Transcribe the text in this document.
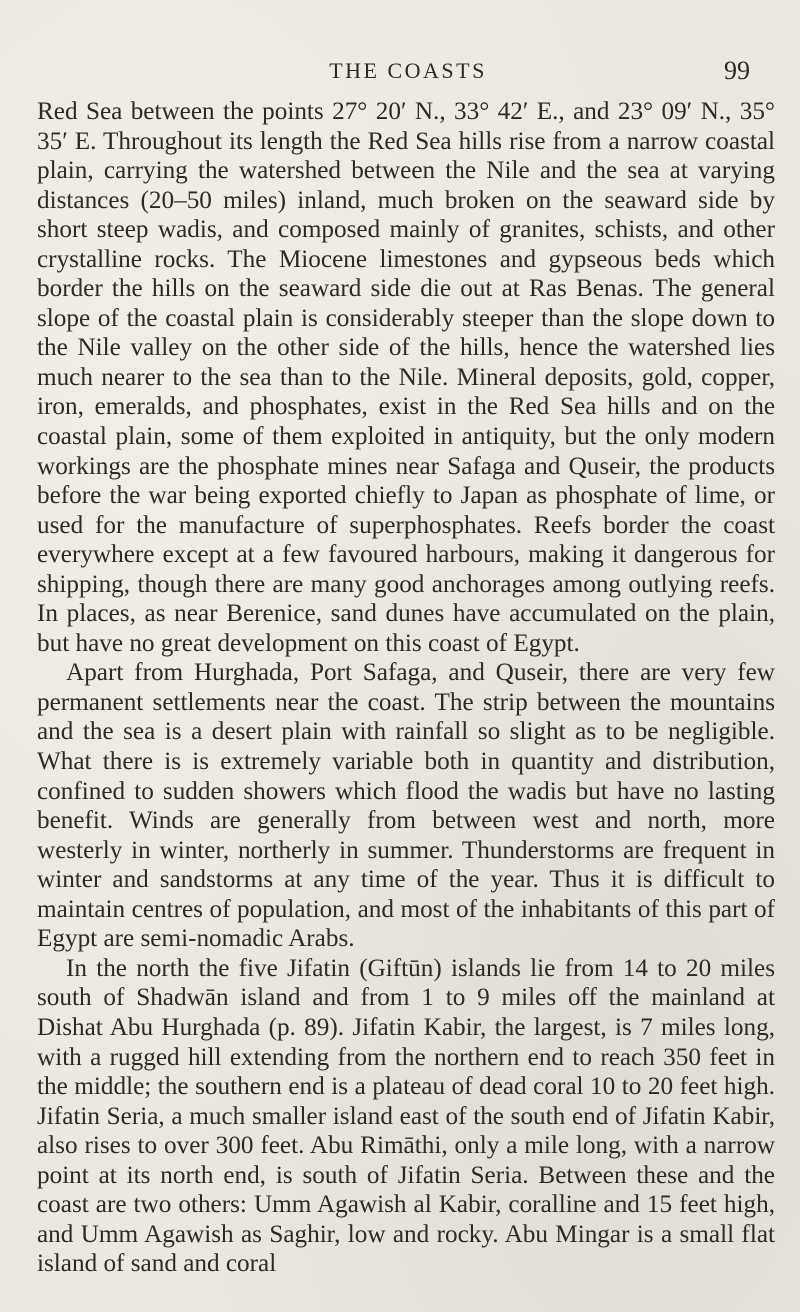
THE COASTS	99

Red Sea between the points 27° 20′ N., 33° 42′ E., and 23° 09′ N., 35° 35′ E. Throughout its length the Red Sea hills rise from a narrow coastal plain, carrying the watershed between the Nile and the sea at varying distances (20–50 miles) inland, much broken on the seaward side by short steep wadis, and composed mainly of granites, schists, and other crystalline rocks. The Miocene limestones and gypseous beds which border the hills on the seaward side die out at Ras Benas. The general slope of the coastal plain is considerably steeper than the slope down to the Nile valley on the other side of the hills, hence the watershed lies much nearer to the sea than to the Nile. Mineral deposits, gold, copper, iron, emeralds, and phosphates, exist in the Red Sea hills and on the coastal plain, some of them exploited in antiquity, but the only modern workings are the phosphate mines near Safaga and Quseir, the products before the war being exported chiefly to Japan as phosphate of lime, or used for the manufacture of superphosphates. Reefs border the coast everywhere except at a few favoured harbours, making it dangerous for shipping, though there are many good anchorages among outlying reefs. In places, as near Berenice, sand dunes have accumulated on the plain, but have no great development on this coast of Egypt.

Apart from Hurghada, Port Safaga, and Quseir, there are very few permanent settlements near the coast. The strip between the mountains and the sea is a desert plain with rainfall so slight as to be negligible. What there is is extremely variable both in quantity and distribution, confined to sudden showers which flood the wadis but have no lasting benefit. Winds are generally from between west and north, more westerly in winter, northerly in summer. Thunderstorms are frequent in winter and sandstorms at any time of the year. Thus it is difficult to maintain centres of population, and most of the inhabitants of this part of Egypt are semi-nomadic Arabs.

In the north the five Jifatin (Giftūn) islands lie from 14 to 20 miles south of Shadwān island and from 1 to 9 miles off the mainland at Dishat Abu Hurghada (p. 89). Jifatin Kabir, the largest, is 7 miles long, with a rugged hill extending from the northern end to reach 350 feet in the middle; the southern end is a plateau of dead coral 10 to 20 feet high. Jifatin Seria, a much smaller island east of the south end of Jifatin Kabir, also rises to over 300 feet. Abu Rimāthi, only a mile long, with a narrow point at its north end, is south of Jifatin Seria. Between these and the coast are two others: Umm Agawish al Kabir, coralline and 15 feet high, and Umm Agawish as Saghir, low and rocky. Abu Mingar is a small flat island of sand and coral
